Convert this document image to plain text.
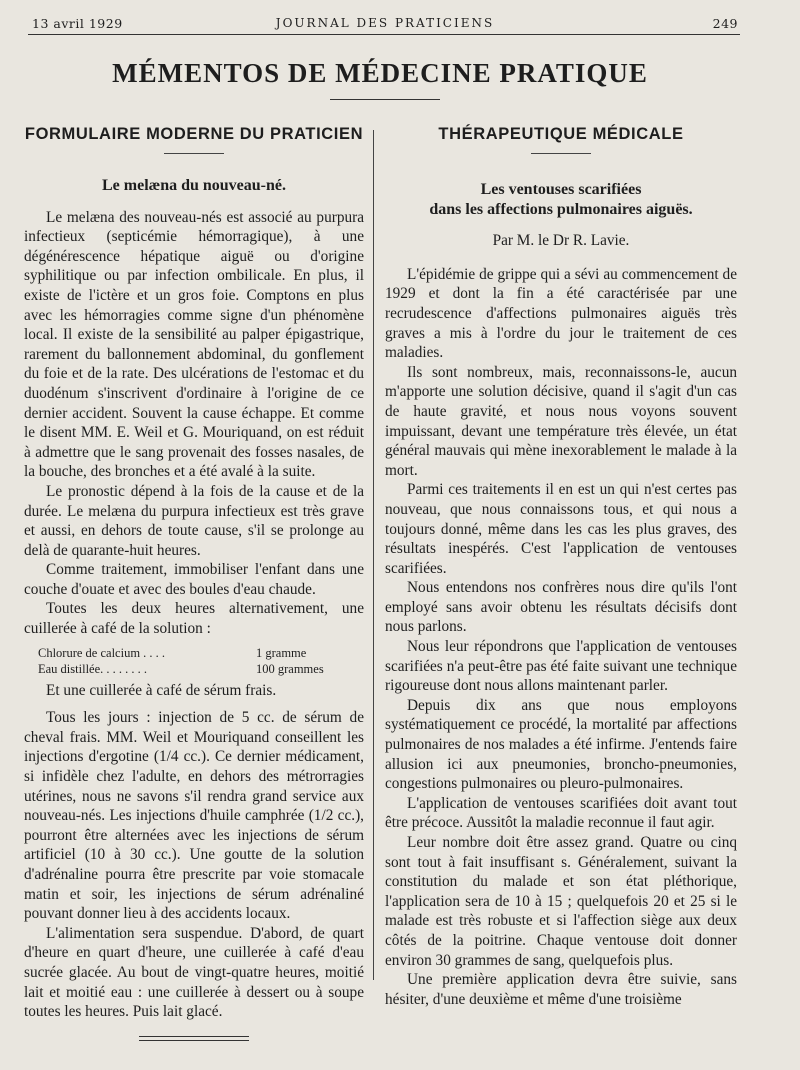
13 avril 1929	JOURNAL DES PRATICIENS	249
MÉMENTOS DE MÉDECINE PRATIQUE
FORMULAIRE MODERNE DU PRATICIEN
Le melæna du nouveau-né.

Le melæna des nouveau-nés est associé au purpura infectieux (septicémie hémorragique), à une dégénérescence hépatique aiguë ou d'origine syphilitique ou par infection ombilicale. En plus, il existe de l'ictère et un gros foie. Comptons en plus avec les hémorragies comme signe d'un phénomène local. Il existe de la sensibilité au palper épigastrique, rarement du ballonnement abdominal, du gonflement du foie et de la rate. Des ulcérations de l'estomac et du duodénum s'inscrivent d'ordinaire à l'origine de ce dernier accident. Souvent la cause échappe. Et comme le disent MM. E. Weil et G. Mouriquand, on est réduit à admettre que le sang provenait des fosses nasales, de la bouche, des bronches et a été avalé à la suite.

Le pronostic dépend à la fois de la cause et de la durée. Le melæna du purpura infectieux est très grave et aussi, en dehors de toute cause, s'il se prolonge au delà de quarante-huit heures.

Comme traitement, immobiliser l'enfant dans une couche d'ouate et avec des boules d'eau chaude.

Toutes les deux heures alternativement, une cuillerée à café de la solution :

Chlorure de calcium . . . .	1 gramme
Eau distillée. . . . . . . .	100 grammes

Et une cuillerée à café de sérum frais.

Tous les jours : injection de 5 cc. de sérum de cheval frais. MM. Weil et Mouriquand conseillent les injections d'ergotine (1/4 cc.). Ce dernier médicament, si infidèle chez l'adulte, en dehors des métrorragies utérines, nous ne savons s'il rendra grand service aux nouveau-nés. Les injections d'huile camphrée (1/2 cc.), pourront être alternées avec les injections de sérum artificiel (10 à 30 cc.). Une goutte de la solution d'adrénaline pourra être prescrite par voie stomacale matin et soir, les injections de sérum adrénaliné pouvant donner lieu à des accidents locaux.

L'alimentation sera suspendue. D'abord, de quart d'heure en quart d'heure, une cuillerée à café d'eau sucrée glacée. Au bout de vingt-quatre heures, moitié lait et moitié eau : une cuillerée à dessert ou à soupe toutes les heures. Puis lait glacé.

THÉRAPEUTIQUE MÉDICALE
Les ventouses scarifiées
dans les affections pulmonaires aiguës.
Par M. le Dr R. Lavie.

L'épidémie de grippe qui a sévi au commencement de 1929 et dont la fin a été caractérisée par une recrudescence d'affections pulmonaires aiguës très graves a mis à l'ordre du jour le traitement de ces maladies.

Ils sont nombreux, mais, reconnaissons-le, aucun m'apporte une solution décisive, quand il s'agit d'un cas de haute gravité, et nous nous voyons souvent impuissant, devant une température très élevée, un état général mauvais qui mène inexorablement le malade à la mort.

Parmi ces traitements il en est un qui n'est certes pas nouveau, que nous connaissons tous, et qui nous a toujours donné, même dans les cas les plus graves, des résultats inespérés. C'est l'application de ventouses scarifiées.

Nous entendons nos confrères nous dire qu'ils l'ont employé sans avoir obtenu les résultats décisifs dont nous parlons.

Nous leur répondrons que l'application de ventouses scarifiées n'a peut-être pas été faite suivant une technique rigoureuse dont nous allons maintenant parler.

Depuis dix ans que nous employons systématiquement ce procédé, la mortalité par affections pulmonaires de nos malades a été infirme. J'entends faire allusion ici aux pneumonies, broncho-pneumonies, congestions pulmonaires ou pleuro-pulmonaires.

L'application de ventouses scarifiées doit avant tout être précoce. Aussitôt la maladie reconnue il faut agir.

Leur nombre doit être assez grand. Quatre ou cinq sont tout à fait insuffisant s. Généralement, suivant la constitution du malade et son état pléthorique, l'application sera de 10 à 15 ; quelquefois 20 et 25 si le malade est très robuste et si l'affection siège aux deux côtés de la poitrine. Chaque ventouse doit donner environ 30 grammes de sang, quelquefois plus.

Une première application devra être suivie, sans hésiter, d'une deuxième et même d'une troisième
